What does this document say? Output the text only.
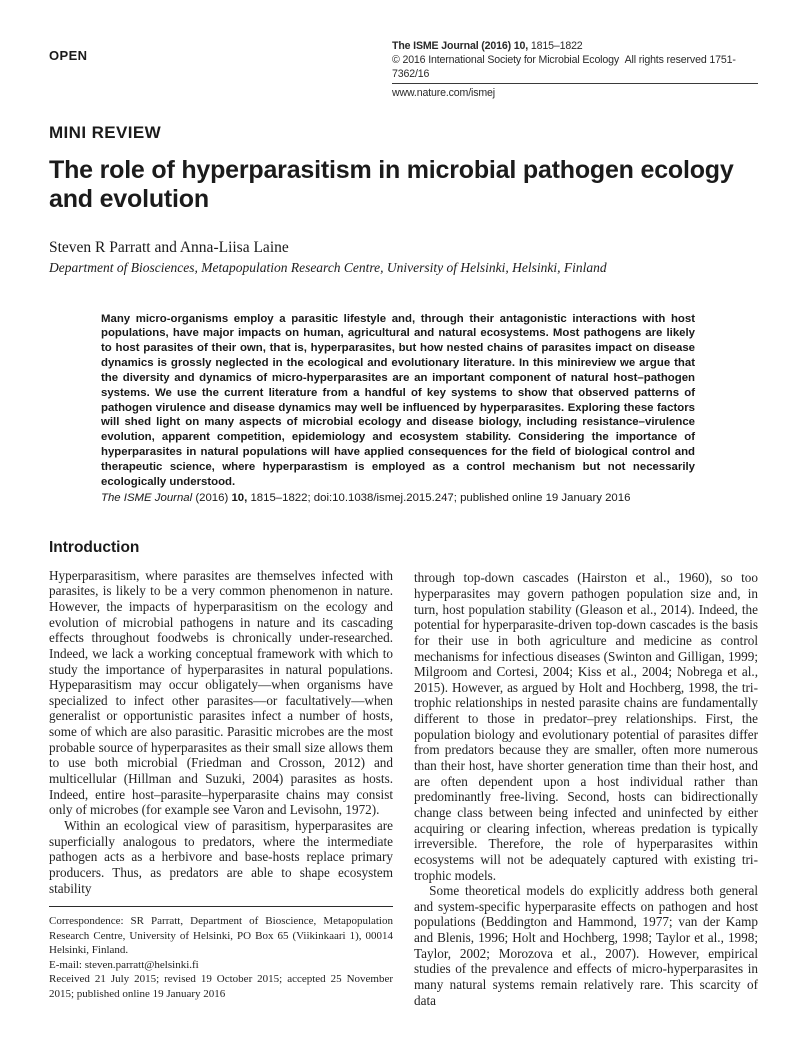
OPEN
The ISME Journal (2016) 10, 1815–1822
© 2016 International Society for Microbial Ecology All rights reserved 1751-7362/16
www.nature.com/ismej
MINI REVIEW
The role of hyperparasitism in microbial pathogen ecology and evolution
Steven R Parratt and Anna-Liisa Laine
Department of Biosciences, Metapopulation Research Centre, University of Helsinki, Helsinki, Finland
Many micro-organisms employ a parasitic lifestyle and, through their antagonistic interactions with host populations, have major impacts on human, agricultural and natural ecosystems. Most pathogens are likely to host parasites of their own, that is, hyperparasites, but how nested chains of parasites impact on disease dynamics is grossly neglected in the ecological and evolutionary literature. In this minireview we argue that the diversity and dynamics of micro-hyperparasites are an important component of natural host–pathogen systems. We use the current literature from a handful of key systems to show that observed patterns of pathogen virulence and disease dynamics may well be influenced by hyperparasites. Exploring these factors will shed light on many aspects of microbial ecology and disease biology, including resistance–virulence evolution, apparent competition, epidemiology and ecosystem stability. Considering the importance of hyperparasites in natural populations will have applied consequences for the field of biological control and therapeutic science, where hyperparastism is employed as a control mechanism but not necessarily ecologically understood.
The ISME Journal (2016) 10, 1815–1822; doi:10.1038/ismej.2015.247; published online 19 January 2016
Introduction

Hyperparasitism, where parasites are themselves infected with parasites, is likely to be a very common phenomenon in nature. However, the impacts of hyperparasitism on the ecology and evolution of microbial pathogens in nature and its cascading effects throughout foodwebs is chronically under-researched. Indeed, we lack a working conceptual framework with which to study the importance of hyperparasites in natural populations. Hypeparasitism may occur obligately—when organisms have specialized to infect other parasites—or facultatively—when generalist or opportunistic parasites infect a number of hosts, some of which are also parasitic. Parasitic microbes are the most probable source of hyperparasites as their small size allows them to use both microbial (Friedman and Crosson, 2012) and multicellular (Hillman and Suzuki, 2004) parasites as hosts. Indeed, entire host–parasite–hyperparasite chains may consist only of microbes (for example see Varon and Levisohn, 1972).

Within an ecological view of parasitism, hyperparasites are superficially analogous to predators, where the intermediate pathogen acts as a herbivore and base-hosts replace primary producers. Thus, as predators are able to shape ecosystem stability

Correspondence: SR Parratt, Department of Bioscience, Metapopulation Research Centre, University of Helsinki, PO Box 65 (Viikinkaari 1), 00014 Helsinki, Finland.
E-mail: steven.parratt@helsinki.fi
Received 21 July 2015; revised 19 October 2015; accepted 25 November 2015; published online 19 January 2016

through top-down cascades (Hairston et al., 1960), so too hyperparasites may govern pathogen population size and, in turn, host population stability (Gleason et al., 2014). Indeed, the potential for hyperparasite-driven top-down cascades is the basis for their use in both agriculture and medicine as control mechanisms for infectious diseases (Swinton and Gilligan, 1999; Milgroom and Cortesi, 2004; Kiss et al., 2004; Nobrega et al., 2015). However, as argued by Holt and Hochberg, 1998, the tri-trophic relationships in nested parasite chains are fundamentally different to those in predator–prey relationships. First, the population biology and evolutionary potential of parasites differ from predators because they are smaller, often more numerous than their host, have shorter generation time than their host, and are often dependent upon a host individual rather than predominantly free-living. Second, hosts can bidirectionally change class between being infected and uninfected by either acquiring or clearing infection, whereas predation is typically irreversible. Therefore, the role of hyperparasites within ecosystems will not be adequately captured with existing tri-trophic models.

Some theoretical models do explicitly address both general and system-specific hyperparasite effects on pathogen and host populations (Beddington and Hammond, 1977; van der Kamp and Blenis, 1996; Holt and Hochberg, 1998; Taylor et al., 1998; Taylor, 2002; Morozova et al., 2007). However, empirical studies of the prevalence and effects of micro-hyperparasites in many natural systems remain relatively rare. This scarcity of data
